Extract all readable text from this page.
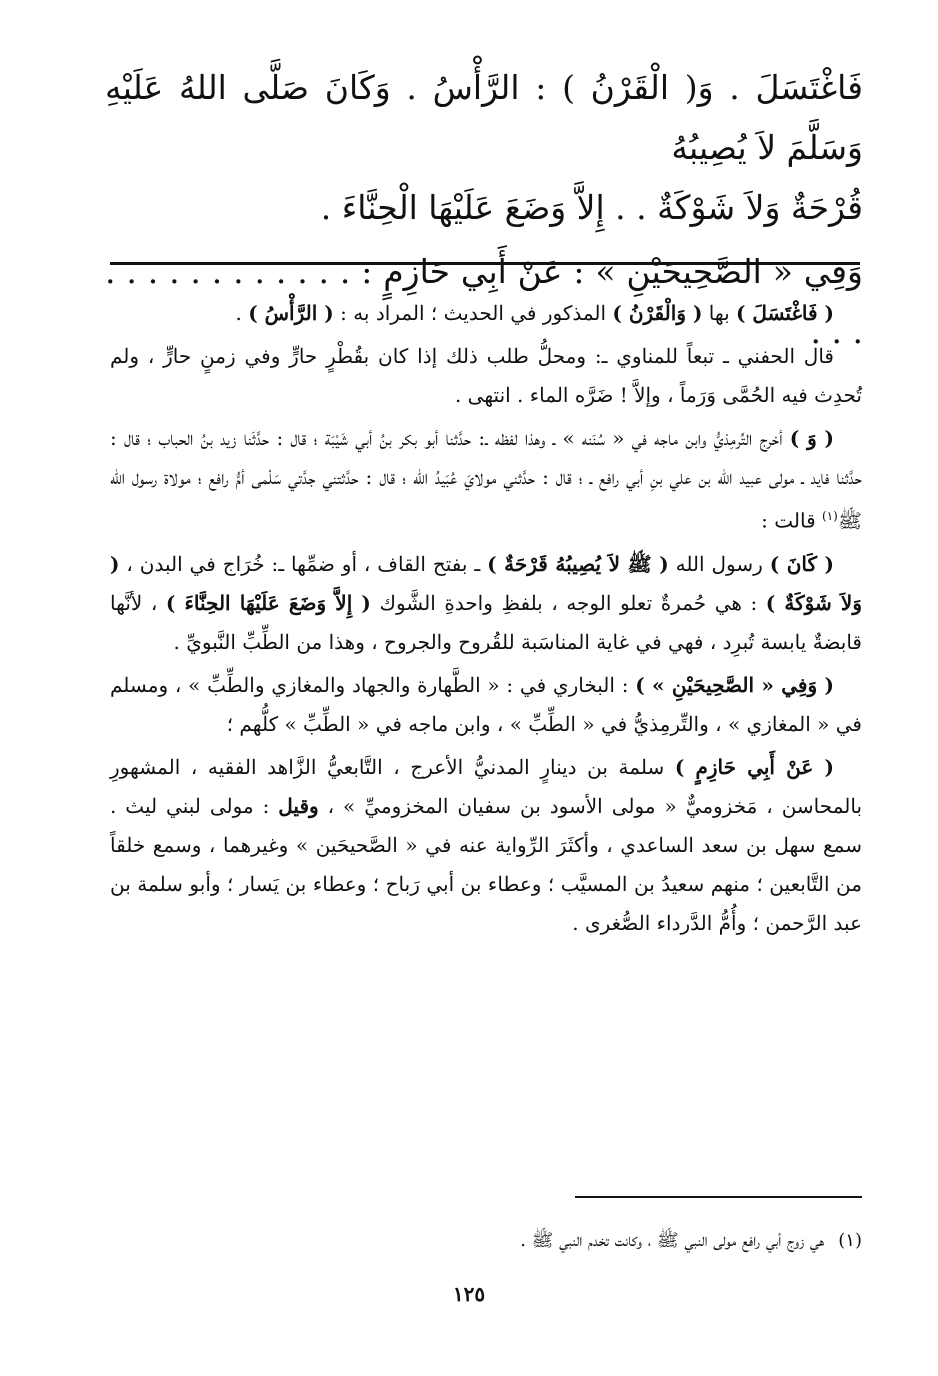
فَاغْتَسَلَ . وَ( الْقَرْنُ ) : الرَّأْسُ . وَكَانَ صَلَّى اللهُ عَلَيْهِ وَسَلَّمَ لاَ يُصِيبُهُ

قُرْحَةٌ وَلاَ شَوْكَةٌ . . إِلاَّ وَضَعَ عَلَيْهَا الْحِنَّاءَ .

وَفِي « الصَّحِيحَيْنِ » : عَنْ أَبِي حَازِمٍ : . . . . . . . . . . . . . . .

( فَاغْتَسَلَ ) بها ( وَالْقَرْنُ ) المذكور في الحديث ؛ المراد به : ( الرَّأْسُ ) .

قال الحفني ـ تبعاً للمناوي ـ: ومحلُّ طلب ذلك إذا كان بقُطْرٍ حارٍّ وفي زمنٍ حارٍّ ، ولم تُحدِث فيه الحُمَّى وَرَماً ، وإلاَّ ! ضَرَّه الماء . انتهى .

( وَ ) أخرج التِّرمِذيُّ وابن ماجه في « سُنَنه » ـ وهذا لفظه ـ: حدَّثنا أبو بكر بنُ أبي شَيْبَة ؛ قال : حدَّثَنا زيد بنُ الحباب ؛ قال : حدَّثنا فايد ـ مولى عبيد الله بن علي بنِ أبي رافع ـ ؛ قال : حدَّثني مولايَ عُبَيدُ الله ؛ قال : حدَّثتني جدَّتي سَلْمى أمُّ رافع ؛ مولاة رسول الله ﷺ$^{(١)}$ قالت :

( كَانَ ) رسول الله ( ﷺ لاَ يُصِيبُهُ قَرْحَةٌ ) ـ بفتح القاف ، أو ضمِّها ـ: خُرَاج في البدن ، ( وَلاَ شَوْكَةٌ ) : هي حُمرةٌ تعلو الوجه ، بلفظِ واحدةِ الشَّوك ( إِلاَّ وَضَعَ عَلَيْهَا الحِنَّاءَ ) ، لأنَّها قابضةٌ يابسة تُبرِد ، فهي في غاية المناسَبة للقُروح والجروح ، وهذا من الطِّبِّ النَّبويِّ .

( وَفِي « الصَّحِيحَيْنِ » ) : البخاري في : « الطَّهارة والجهاد والمغازي والطِّبِّ » ، ومسلم في « المغازي » ، والتِّرمِذيُّ في « الطِّبِّ » ، وابن ماجه في « الطِّبِّ » كلُّهم ؛

( عَنْ أَبِي حَازِمٍ ) سلمة بن دينارٍ المدنيُّ الأعرج ، التَّابعيُّ الزَّاهد الفقيه ، المشهورِ بالمحاسن ، مَخزوميٌّ « مولى الأسود بن سفيان المخزوميِّ » ، وقيل : مولى لبني ليث . سمع سهل بن سعد الساعدي ، وأكثَرَ الرِّواية عنه في « الصَّحيحَين » وغيرهما ، وسمع خلقاً من التَّابعين ؛ منهم سعيدُ بن المسيَّب ؛ وعطاء بن أبي رَباح ؛ وعطاء بن يَسار ؛ وأبو سلمة بن عبد الرَّحمن ؛ وأُمُّ الدَّرداء الصُّغرى .

(١)هي زوج أبي رافع مولى النبي ﷺ ، وكانت تخدم النبي ﷺ .
١٢٥
